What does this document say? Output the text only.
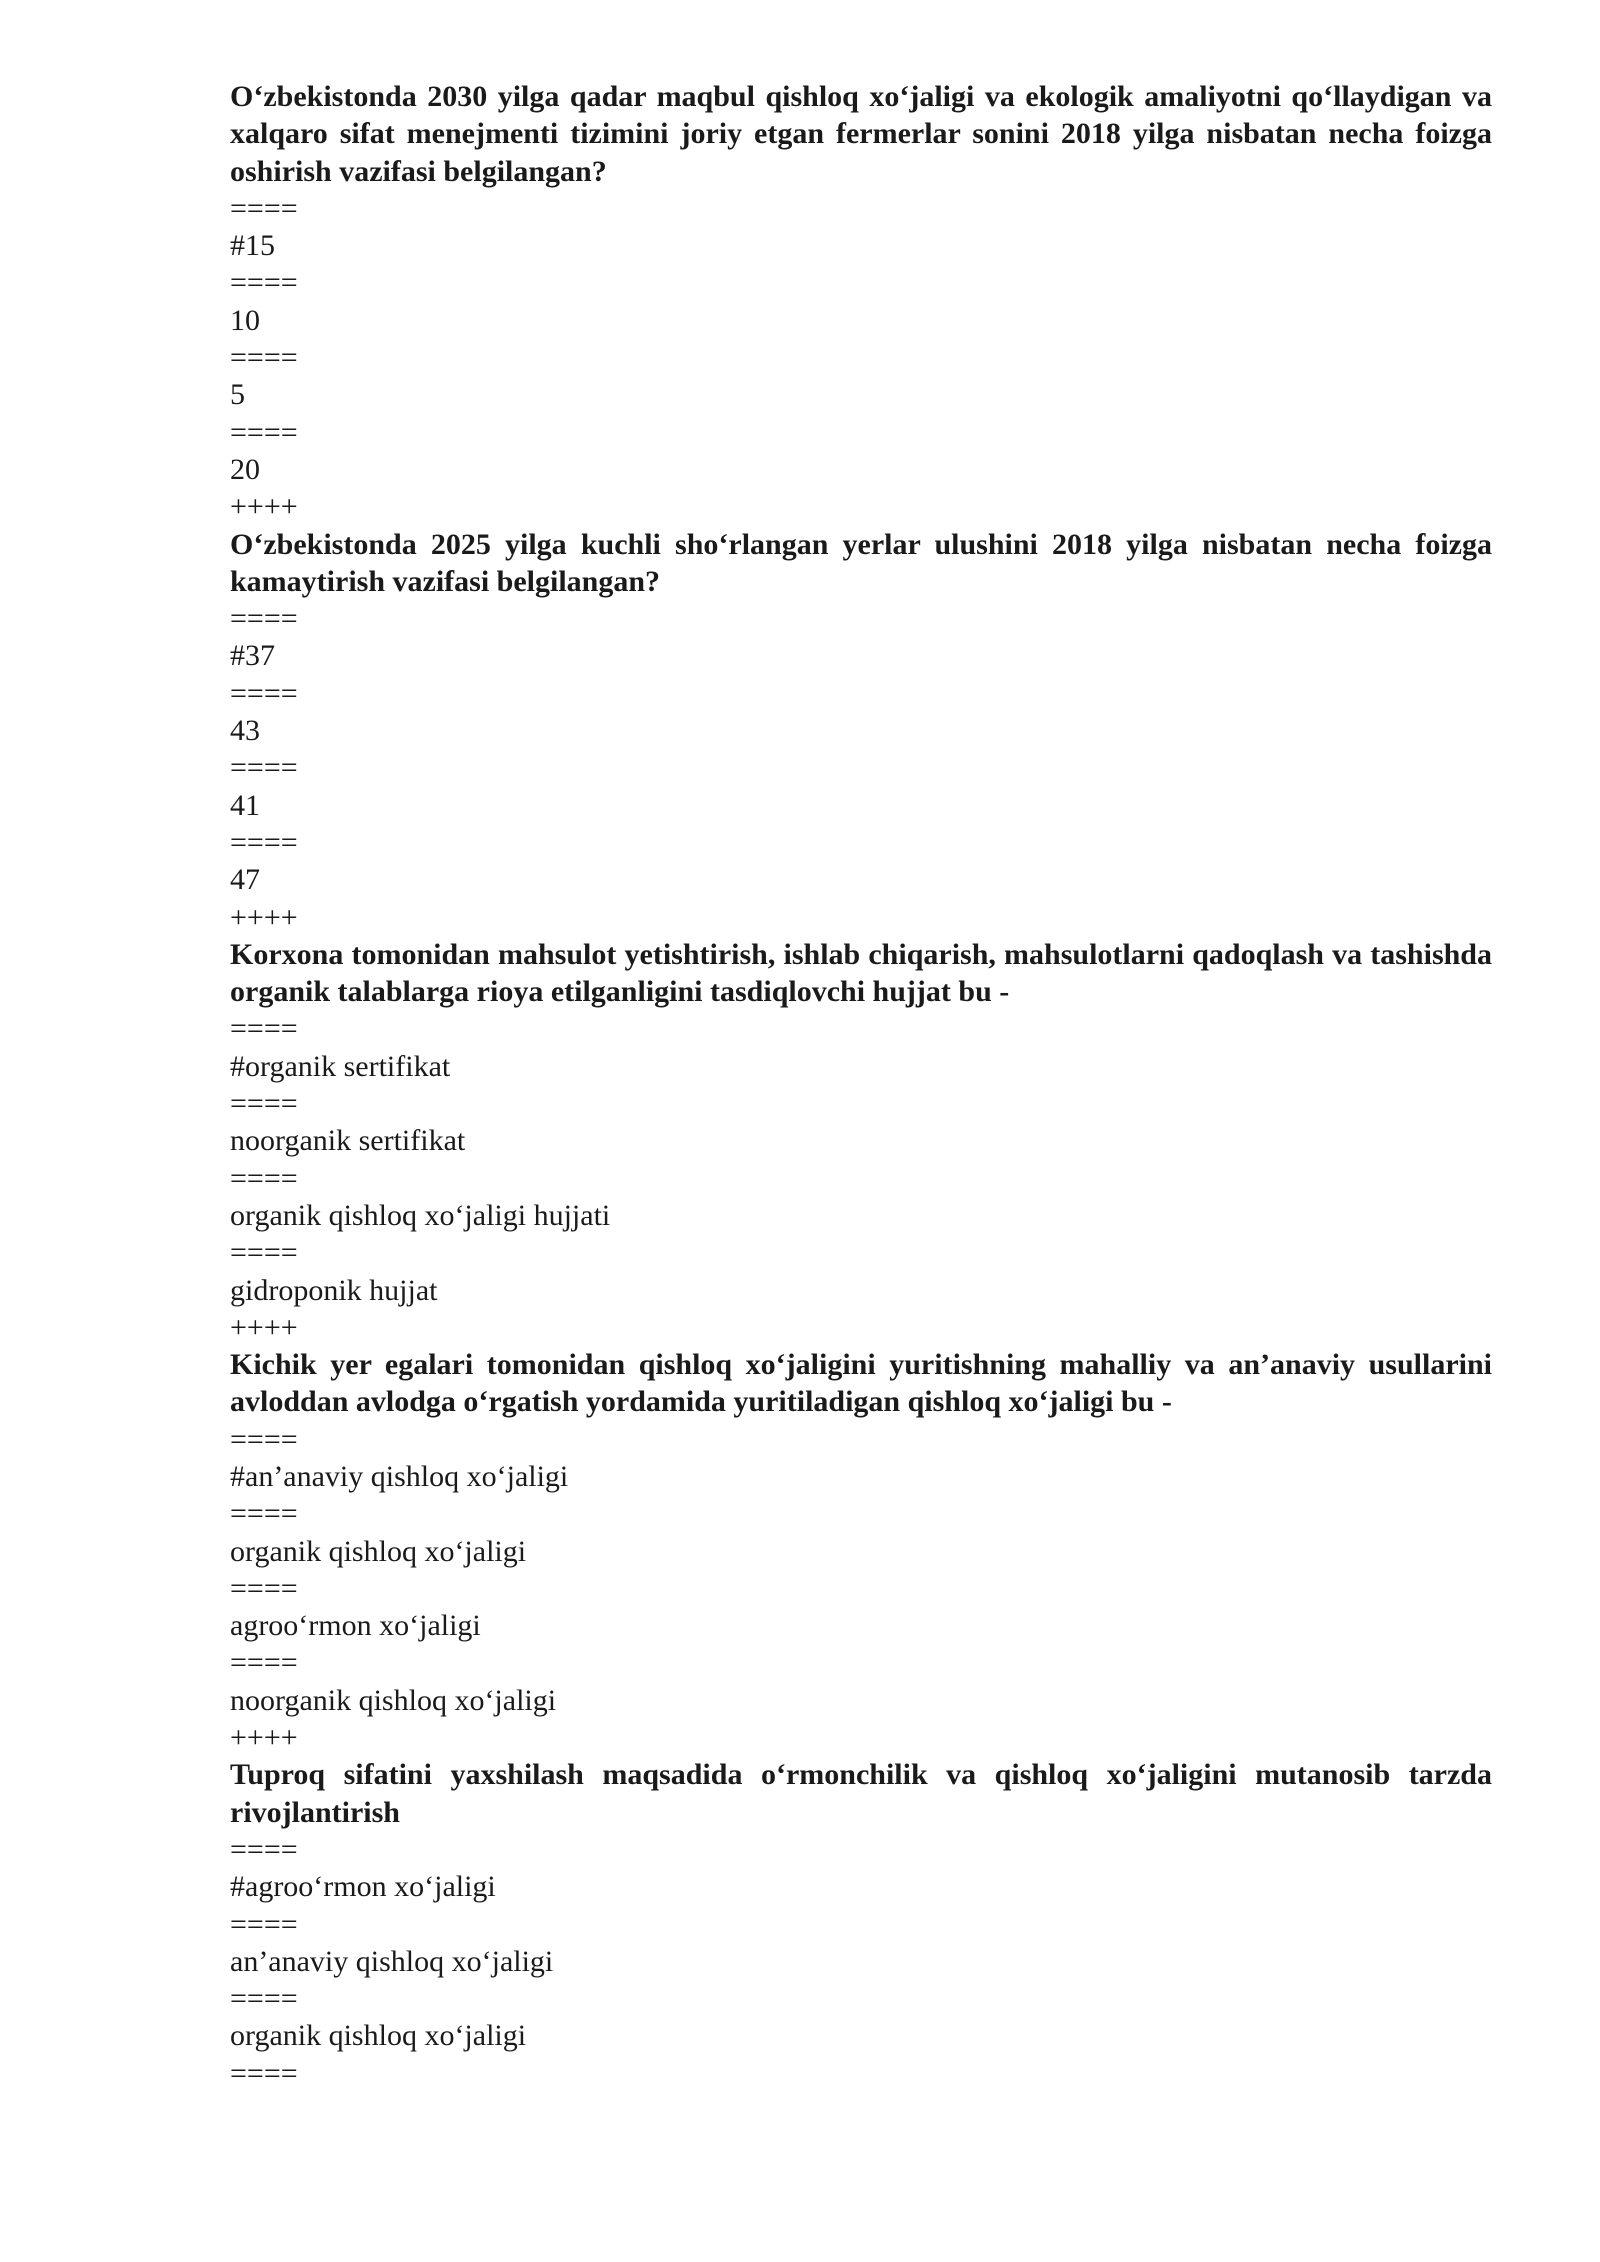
O‘zbekistonda 2030 yilga qadar maqbul qishloq xo‘jaligi va ekologik amaliyotni qo‘llaydigan va xalqaro sifat menejmenti tizimini joriy etgan fermerlar sonini 2018 yilga nisbatan necha foizga oshirish vazifasi belgilangan?

====

#15

====

10

====

5

====

20

++++

O‘zbekistonda 2025 yilga kuchli sho‘rlangan yerlar ulushini 2018 yilga nisbatan necha foizga kamaytirish vazifasi belgilangan?

====

#37

====

43

====

41

====

47

++++

Korxona tomonidan mahsulot yetishtirish, ishlab chiqarish, mahsulotlarni qadoqlash va tashishda organik talablarga rioya etilganligini tasdiqlovchi hujjat bu -

====

#organik sertifikat

====

noorganik sertifikat

====

organik qishloq xo‘jaligi hujjati

====

gidroponik hujjat

++++

Kichik yer egalari tomonidan qishloq xo‘jaligini yuritishning mahalliy va an’anaviy usullarini avloddan avlodga o‘rgatish yordamida yuritiladigan qishloq xo‘jaligi bu -

====

#an’anaviy qishloq xo‘jaligi

====

organik qishloq xo‘jaligi

====

agroo‘rmon xo‘jaligi

====

noorganik qishloq xo‘jaligi

++++

Tuproq sifatini yaxshilash maqsadida o‘rmonchilik va qishloq xo‘jaligini mutanosib tarzda rivojlantirish

====

#agroo‘rmon xo‘jaligi

====

an’anaviy qishloq xo‘jaligi

====

organik qishloq xo‘jaligi

====
